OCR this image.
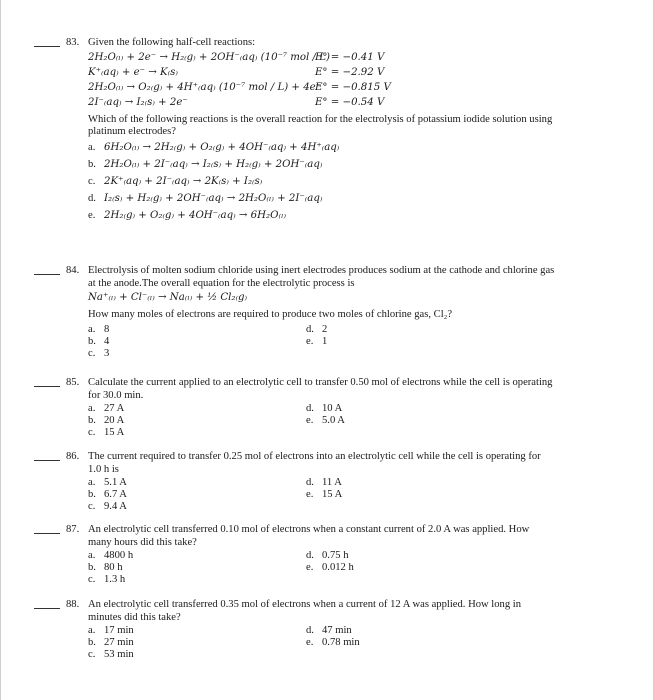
83. Given the following half-cell reactions:
2H₂O₍ₗ₎ + 2e⁻ → H₂₍g₎ + 2OH⁻₍aq₎ (10⁻⁷ mol / L)
E° = −0.41 V
K⁺₍aq₎ + e⁻ → K₍s₎	E° = −2.92 V
2H₂O₍ₗ₎ → O₂₍g₎ + 4H⁺₍aq₎ (10⁻⁷ mol / L) + 4e⁻
E° = −0.815 V
2I⁻₍aq₎ → I₂₍s₎ + 2e⁻	E° = −0.54 V
Which of the following reactions is the overall reaction for the electrolysis of potassium iodide solution using
platinum electrodes?
a. 6H₂O₍ₗ₎ → 2H₂₍g₎ + O₂₍g₎ + 4OH⁻₍aq₎ + 4H⁺₍aq₎
b. 2H₂O₍ₗ₎ + 2I⁻₍aq₎ → I₂₍s₎ + H₂₍g₎ + 2OH⁻₍aq₎
c. 2K⁺₍aq₎ + 2I⁻₍aq₎ → 2K₍s₎ + I₂₍s₎
d. I₂₍s₎ + H₂₍g₎ + 2OH⁻₍aq₎ → 2H₂O₍ₗ₎ + 2I⁻₍aq₎
e. 2H₂₍g₎ + O₂₍g₎ + 4OH⁻₍aq₎ → 6H₂O₍ₗ₎
84. Electrolysis of molten sodium chloride using inert electrodes produces sodium at the cathode and chlorine gas
at the anode.The overall equation for the electrolytic process is
Na⁺₍ₗ₎ + Cl⁻₍ₗ₎ → Na₍ₗ₎ + ½ Cl₂₍g₎
How many moles of electrons are required to produce two moles of chlorine gas, Cl₂?
a. 8
b. 4
c. 3
d. 2
e. 1
85. Calculate the current applied to an electrolytic cell to transfer 0.50 mol of electrons while the cell is operating
for 30.0 min.
a. 27 A
b. 20 A
c. 15 A
d. 10 A
e. 5.0 A
86. The current required to transfer 0.25 mol of electrons into an electrolytic cell while the cell is operating for
1.0 h is
a. 5.1 A
b. 6.7 A
c. 9.4 A
d. 11 A
e. 15 A
87. An electrolytic cell transferred 0.10 mol of electrons when a constant current of 2.0 A was applied. How
many hours did this take?
a. 4800 h
b. 80 h
c. 1.3 h
d. 0.75 h
e. 0.012 h
88. An electrolytic cell transferred 0.35 mol of electrons when a current of 12 A was applied. How long in
minutes did this take?
a. 17 min
b. 27 min
c. 53 min
d. 47 min
e. 0.78 min
